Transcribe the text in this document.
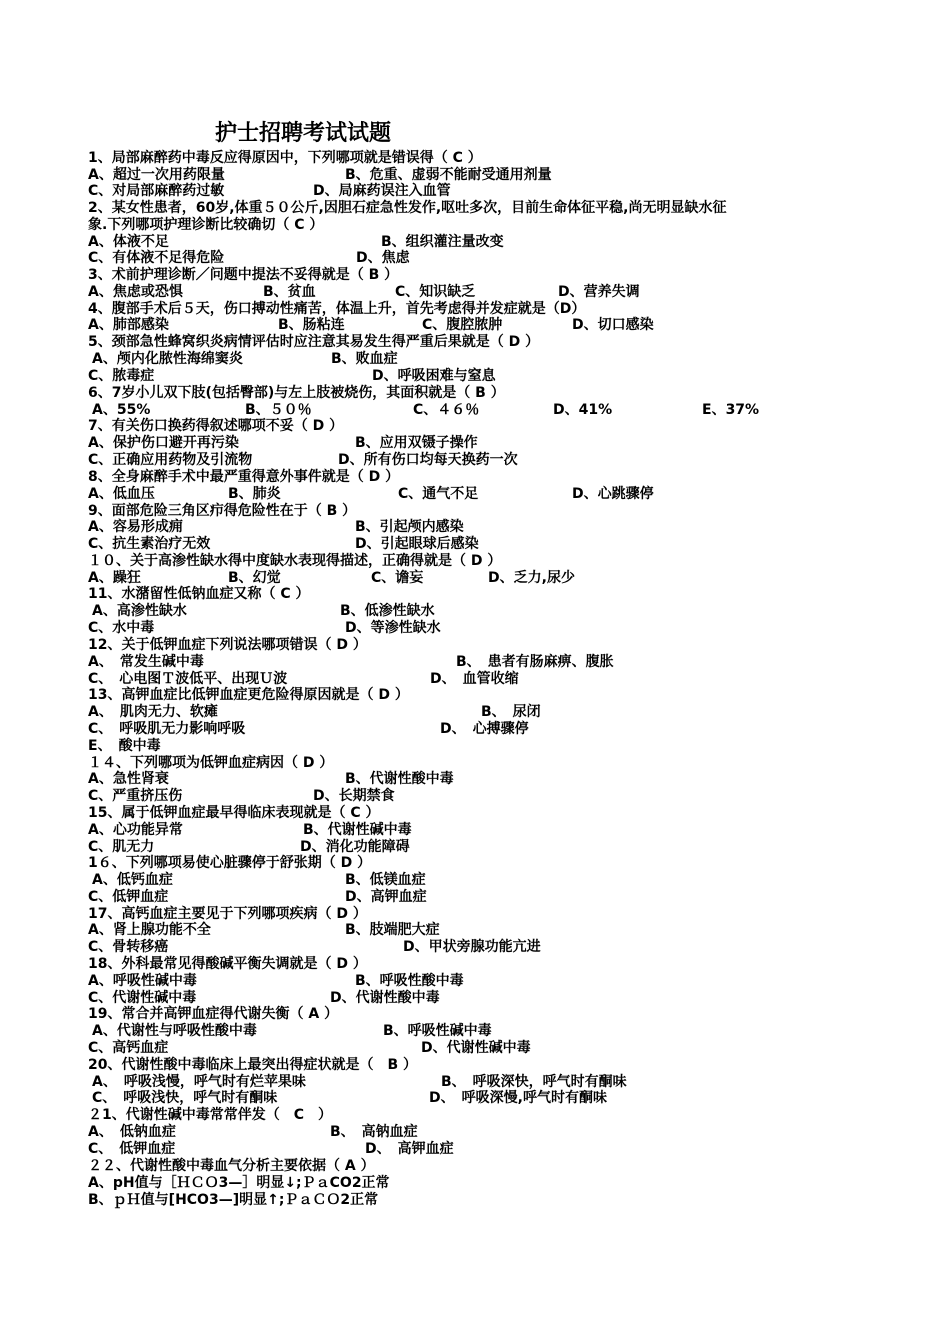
护士招聘考试试题
1、局部麻醉药中毒反应得原因中，下列哪项就是错误得（ C ）
A、超过一次用药限量	B、危重、虚弱不能耐受通用剂量
C、对局部麻醉药过敏	D、局麻药误注入血管
2、某女性患者，60岁,体重５０公斤,因胆石症急性发作,呕吐多次，目前生命体征平稳,尚无明显缺水征
象.下列哪项护理诊断比较确切（ C ）
A、体液不足	B、组织灌注量改变
C、有体液不足得危险	D、焦虑
3、术前护理诊断／问题中提法不妥得就是（ B ）
A、焦虑或恐惧	B、贫血	C、知识缺乏	D、营养失调
4、腹部手术后５天，伤口搏动性痛苦，体温上升，首先考虑得并发症就是（D）
A、肺部感染	B、肠粘连	C、腹腔脓肿	D、切口感染
5、颈部急性蜂窝织炎病情评估时应注意其易发生得严重后果就是（ D ）
A、颅内化脓性海绵窦炎	B、败血症
C、脓毒症	D、呼吸困难与窒息
6、7岁小儿双下肢(包括臀部)与左上肢被烧伤，其面积就是（ B ）
A、55%	B、５０％	C、４６％	D、41%	E、37%
7、有关伤口换药得叙述哪项不妥（ D ）
A、保护伤口避开再污染	B、应用双镊子操作
C、正确应用药物及引流物	D、所有伤口均每天换药一次
8、全身麻醉手术中最严重得意外事件就是（ D ）
A、低血压	B、肺炎	C、通气不足	D、心跳骤停
9、面部危险三角区疖得危险性在于（ B ）
A、容易形成痈	B、引起颅内感染
C、抗生素治疗无效	D、引起眼球后感染
１０、关于高渗性缺水得中度缺水表现得描述，正确得就是（ D ）
A、躁狂	B、幻觉	C、谵妄	D、乏力,尿少
11、水潴留性低钠血症又称（ C ）
A、高渗性缺水	B、低渗性缺水
C、水中毒	D、等渗性缺水
12、关于低钾血症下列说法哪项错误（ D ）
A、　常发生碱中毒	B、　患者有肠麻痹、腹胀
C、　心电图Ｔ波低平、出现Ｕ波	D、　血管收缩
13、高钾血症比低钾血症更危险得原因就是（ D ）
A、　肌肉无力、软瘫	B、　尿闭
C、　呼吸肌无力影响呼吸	D、　心搏骤停
E、　酸中毒
１４、下列哪项为低钾血症病因（ D ）
A、急性肾衰	B、代谢性酸中毒
C、严重挤压伤	D、长期禁食
15、属于低钾血症最早得临床表现就是（ C ）
A、心功能异常	B、代谢性碱中毒
C、肌无力	D、消化功能障碍
1６、下列哪项易使心脏骤停于舒张期（ D ）
A、低钙血症	B、低镁血症
C、低钾血症	D、高钾血症
17、高钙血症主要见于下列哪项疾病（ D ）
A、肾上腺功能不全	B、肢端肥大症
C、骨转移癌	D、甲状旁腺功能亢进
18、外科最常见得酸碱平衡失调就是（ D ）
A、呼吸性碱中毒	B、呼吸性酸中毒
C、代谢性碱中毒	D、代谢性酸中毒
19、常合并高钾血症得代谢失衡（ A ）
A、代谢性与呼吸性酸中毒	B、呼吸性碱中毒
C、高钙血症	D、代谢性碱中毒
20、代谢性酸中毒临床上最突出得症状就是（　B ）
A、　呼吸浅慢，呼气时有烂苹果味	B、　呼吸深快，呼气时有酮味
C、　呼吸浅快，呼气时有酮味	D、　呼吸深慢,呼气时有酮味
２1、代谢性碱中毒常常伴发（　C　）
A、　低钠血症	B、　高钠血症
C、　低钾血症	D、　高钾血症
２２、代谢性酸中毒血气分析主要依据（ A ）
A、pH值与［ＨＣＯ3—］明显↓;ＰａCO2正常
B、ｐＨ值与[HCO3—]明显↑;ＰａＣＯ2正常
